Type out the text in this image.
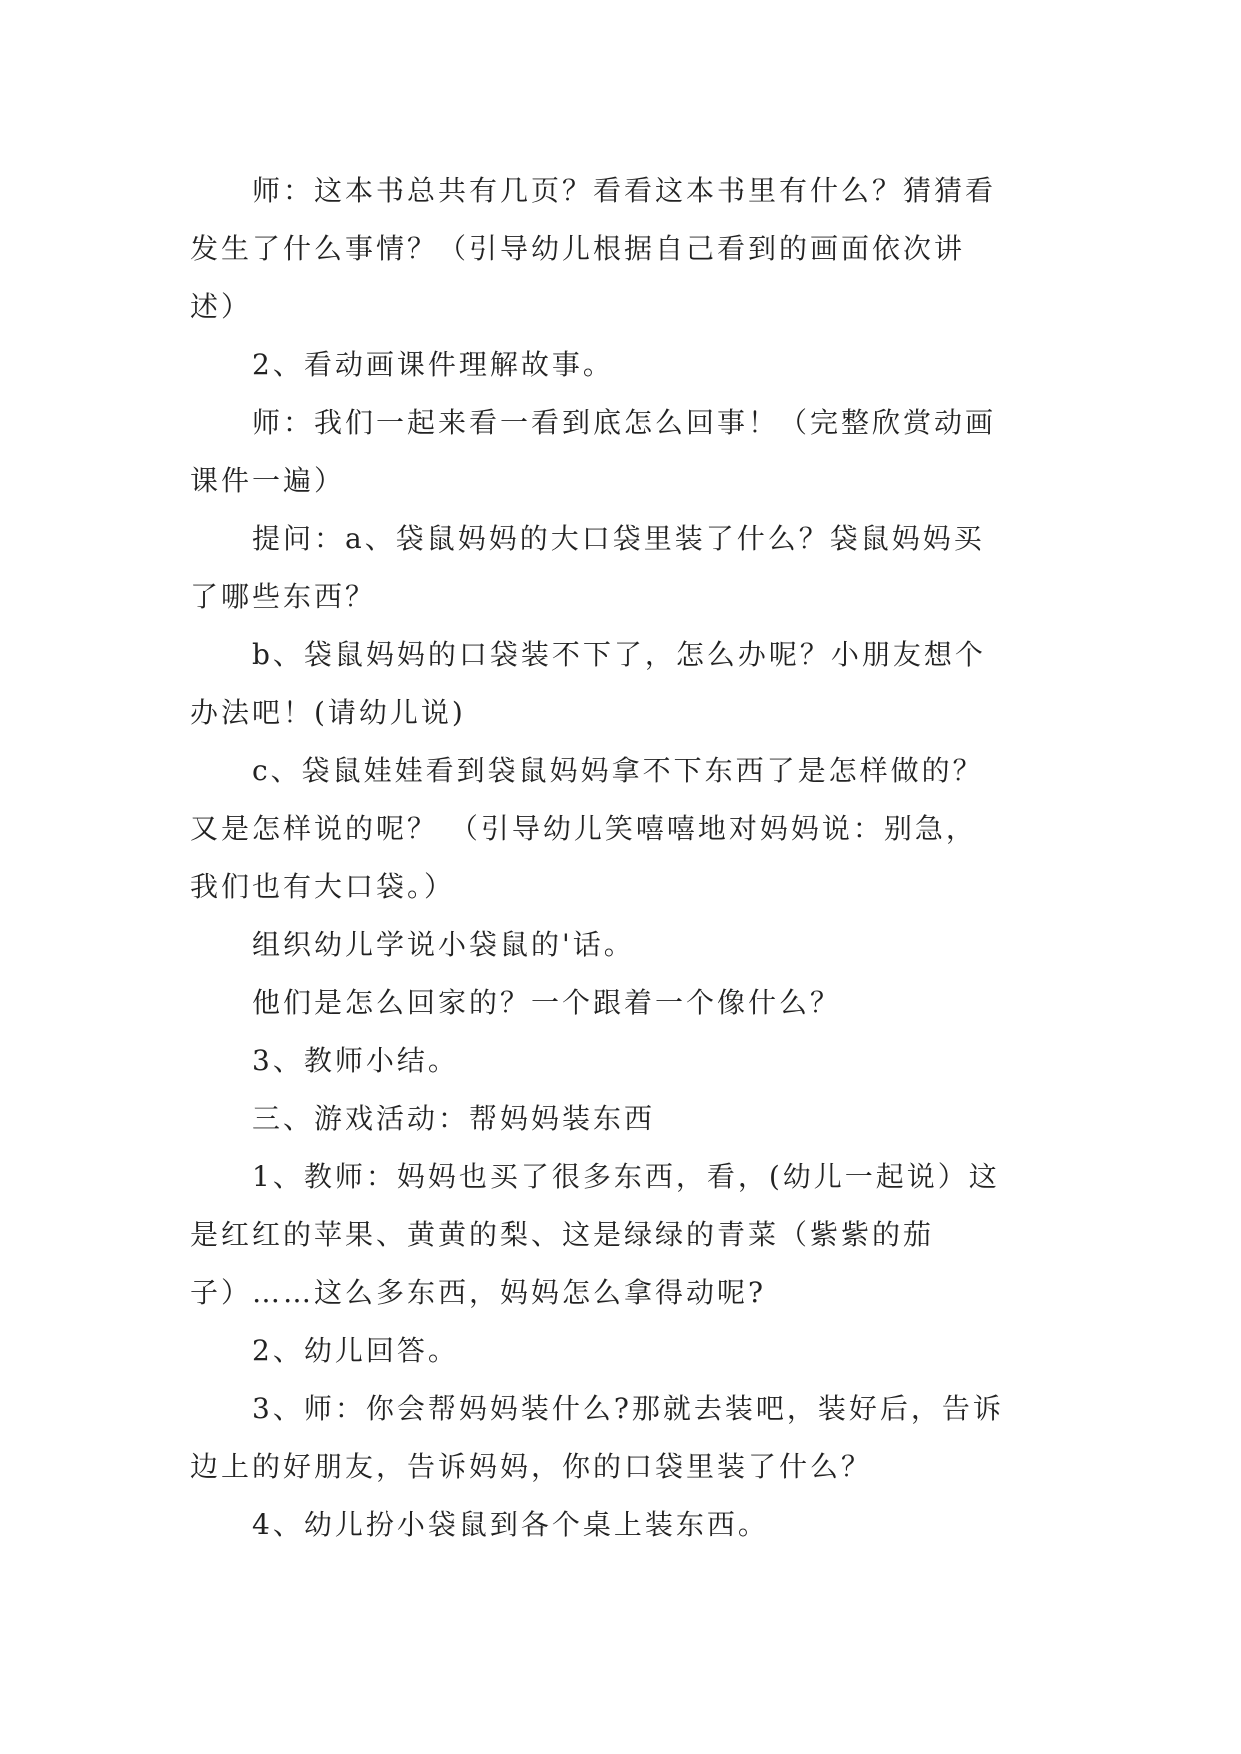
师：这本书总共有几页？看看这本书里有什么？猜猜看
发生了什么事情？（引导幼儿根据自己看到的画面依次讲
述）
2、看动画课件理解故事。
师：我们一起来看一看到底怎么回事！（完整欣赏动画
课件一遍）
提问：a、袋鼠妈妈的大口袋里装了什么？袋鼠妈妈买
了哪些东西？
b、袋鼠妈妈的口袋装不下了，怎么办呢？小朋友想个
办法吧！(请幼儿说)
c、袋鼠娃娃看到袋鼠妈妈拿不下东西了是怎样做的？
又是怎样说的呢？ （引导幼儿笑嘻嘻地对妈妈说：别急，
我们也有大口袋。）
组织幼儿学说小袋鼠的'话。
他们是怎么回家的？一个跟着一个像什么？
3、教师小结。
三、游戏活动：帮妈妈装东西
1、教师：妈妈也买了很多东西，看，(幼儿一起说）这
是红红的苹果、黄黄的梨、这是绿绿的青菜（紫紫的茄
子）……这么多东西，妈妈怎么拿得动呢?
2、幼儿回答。
3、师：你会帮妈妈装什么?那就去装吧，装好后，告诉
边上的好朋友，告诉妈妈，你的口袋里装了什么？
4、幼儿扮小袋鼠到各个桌上装东西。
